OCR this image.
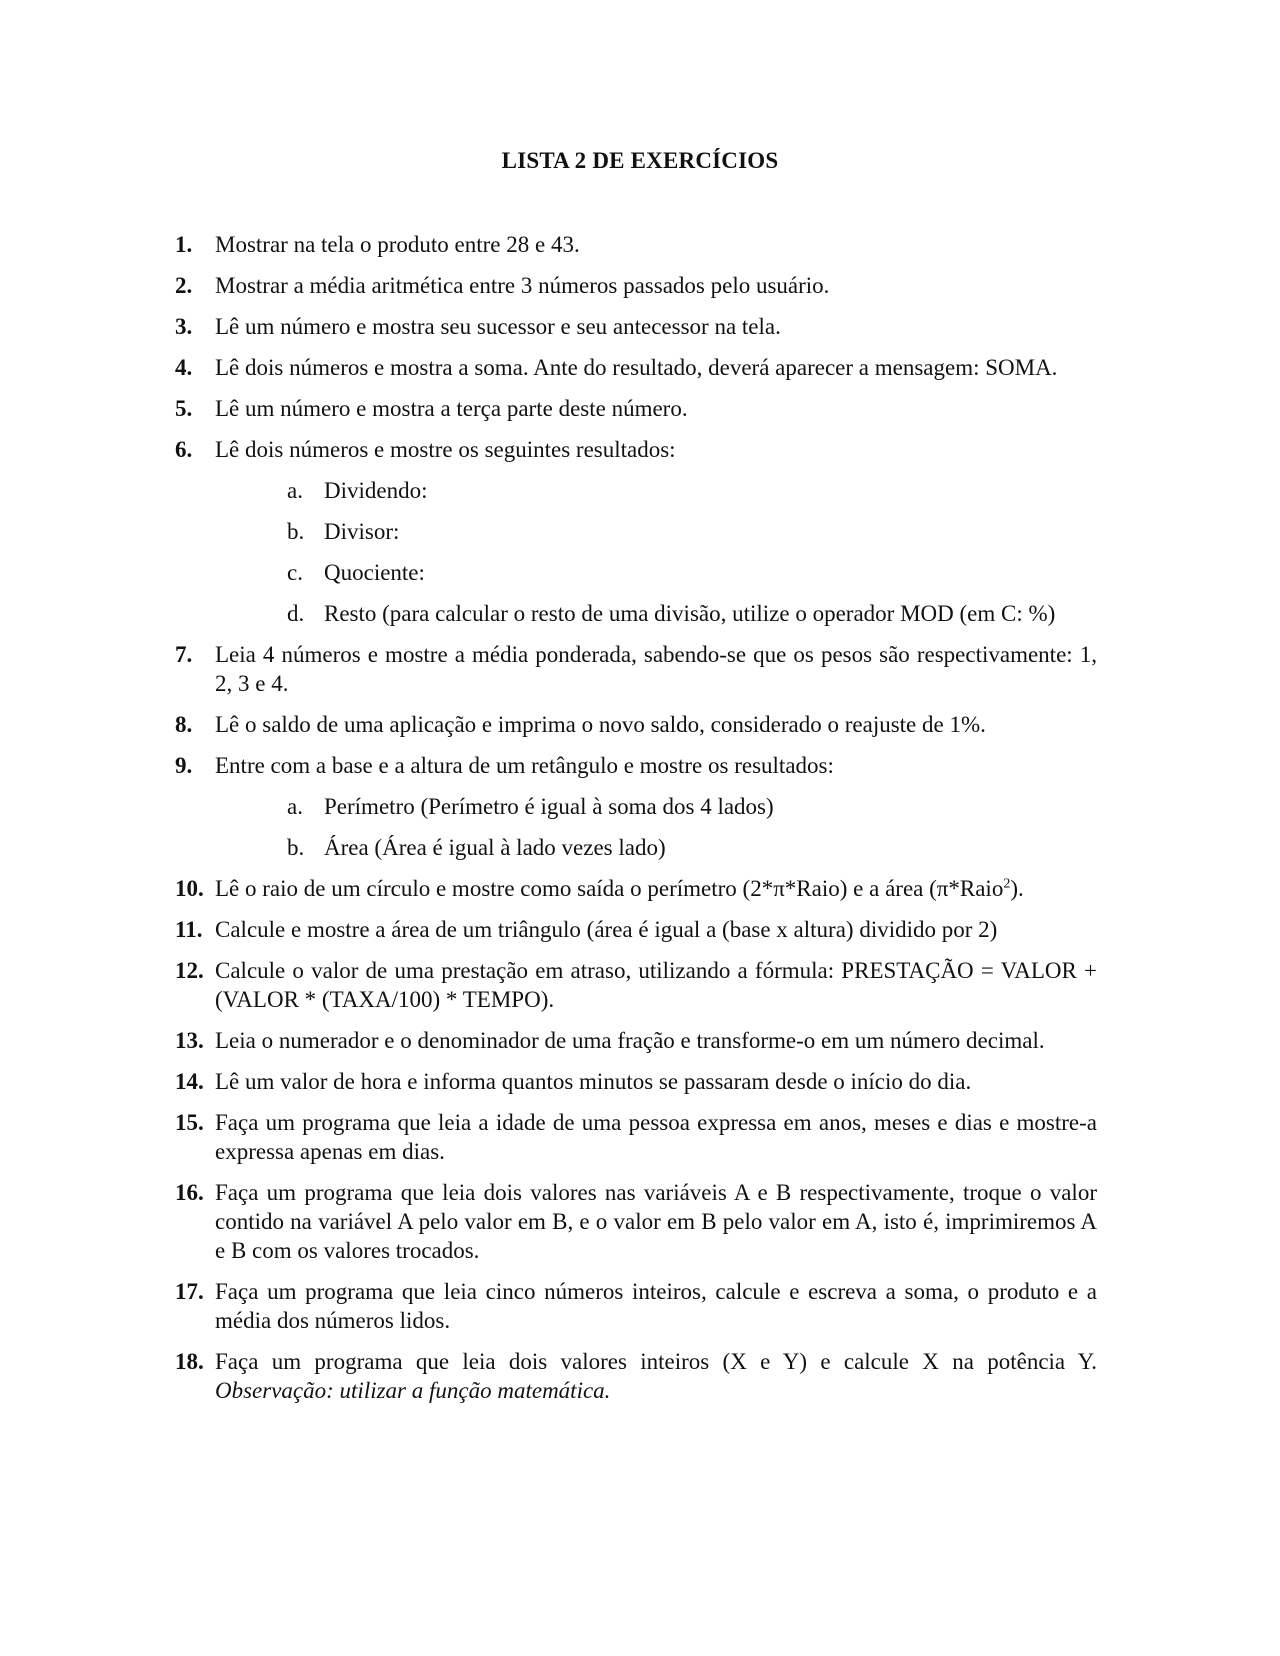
LISTA 2 DE EXERCÍCIOS
1. Mostrar na tela o produto entre 28 e 43.
2. Mostrar a média aritmética entre 3 números passados pelo usuário.
3. Lê um número e mostra seu sucessor e seu antecessor na tela.
4. Lê dois números e mostra a soma. Ante do resultado, deverá aparecer a mensagem: SOMA.
5. Lê um número e mostra a terça parte deste número.
6. Lê dois números e mostre os seguintes resultados:
a. Dividendo:
b. Divisor:
c. Quociente:
d. Resto (para calcular o resto de uma divisão, utilize o operador MOD (em C: %)
7. Leia 4 números e mostre a média ponderada, sabendo-se que os pesos são respectivamente: 1, 2, 3 e 4.
8. Lê o saldo de uma aplicação e imprima o novo saldo, considerado o reajuste de 1%.
9. Entre com a base e a altura de um retângulo e mostre os resultados:
a. Perímetro (Perímetro é igual à soma dos 4 lados)
b. Área (Área é igual à lado vezes lado)
10. Lê o raio de um círculo e mostre como saída o perímetro (2*π*Raio) e a área (π*Raio$^2$).
11. Calcule e mostre a área de um triângulo (área é igual a (base x altura) dividido por 2)
12. Calcule o valor de uma prestação em atraso, utilizando a fórmula: PRESTAÇÃO = VALOR + (VALOR * (TAXA/100) * TEMPO).
13. Leia o numerador e o denominador de uma fração e transforme-o em um número decimal.
14. Lê um valor de hora e informa quantos minutos se passaram desde o início do dia.
15. Faça um programa que leia a idade de uma pessoa expressa em anos, meses e dias e mostre-a expressa apenas em dias.
16. Faça um programa que leia dois valores nas variáveis A e B respectivamente, troque o valor contido na variável A pelo valor em B, e o valor em B pelo valor em A, isto é, imprimiremos A e B com os valores trocados.
17. Faça um programa que leia cinco números inteiros, calcule e escreva a soma, o produto e a média dos números lidos.
18. Faça um programa que leia dois valores inteiros (X e Y) e calcule X na potência Y. Observação: utilizar a função matemática.
